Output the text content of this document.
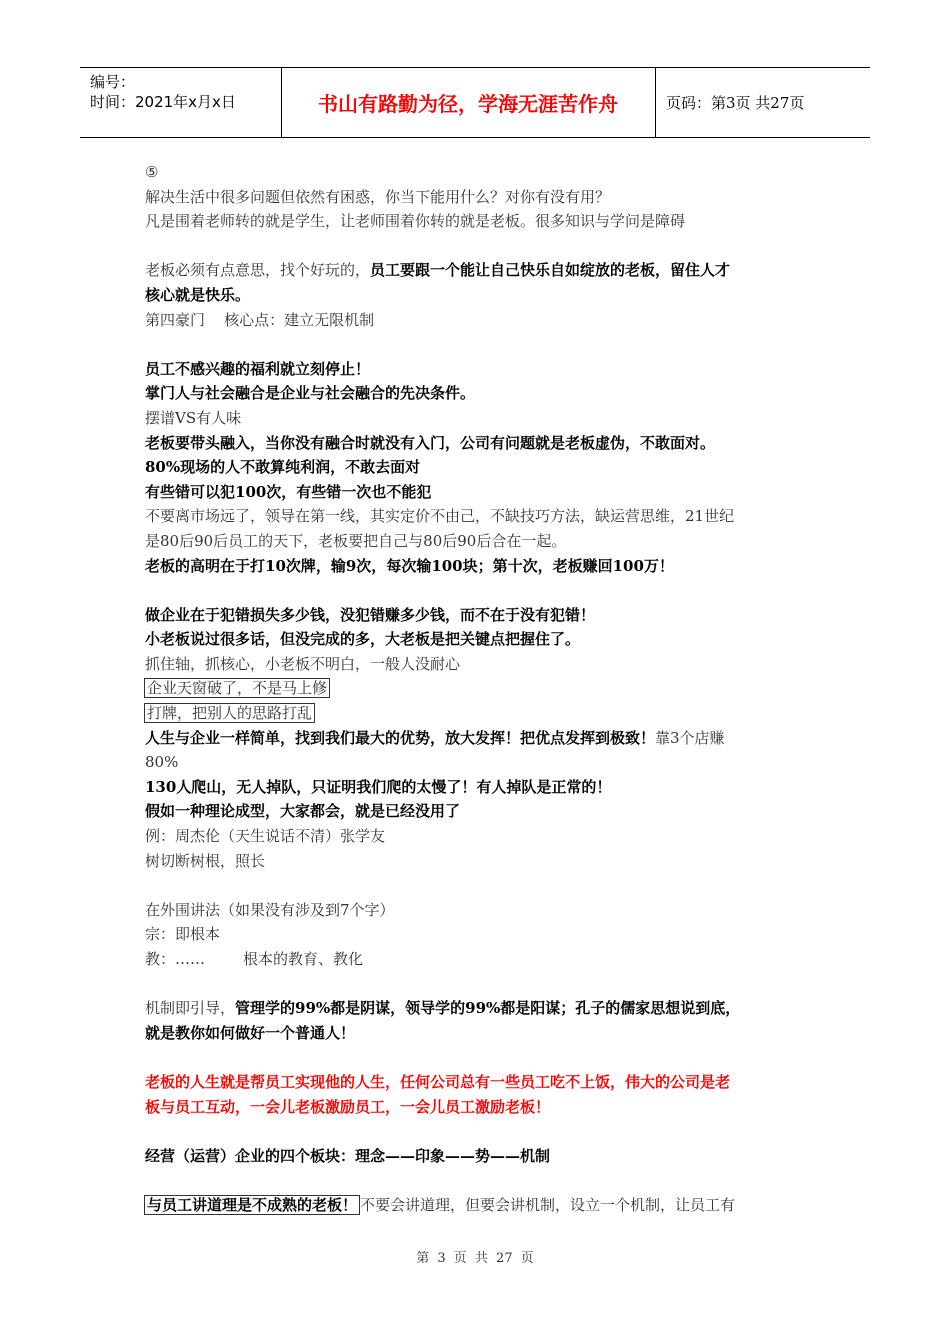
编号：
时间：2021年x月x日	书山有路勤为径，学海无涯苦作舟	页码：第3页 共27页
⑤
解决生活中很多问题但依然有困惑，你当下能用什么？对你有没有用？
凡是围着老师转的就是学生，让老师围着你转的就是老板。很多知识与学问是障碍
老板必须有点意思，找个好玩的，员工要跟一个能让自己快乐自如绽放的老板，留住人才
核心就是快乐。
第四豪门    核心点：建立无限机制
员工不感兴趣的福利就立刻停止！
掌门人与社会融合是企业与社会融合的先决条件。
摆谱VS有人味
老板要带头融入，当你没有融合时就没有入门，公司有问题就是老板虚伪，不敢面对。
80%现场的人不敢算纯利润，不敢去面对
有些错可以犯100次，有些错一次也不能犯
不要离市场远了，领导在第一线，其实定价不由己，不缺技巧方法，缺运营思维，21世纪
是80后90后员工的天下，老板要把自己与80后90后合在一起。
老板的高明在于打10次牌，输9次，每次输100块；第十次，老板赚回100万！
做企业在于犯错损失多少钱，没犯错赚多少钱，而不在于没有犯错！
小老板说过很多话，但没完成的多，大老板是把关键点把握住了。
抓住轴，抓核心，小老板不明白，一般人没耐心
企业天窗破了，不是马上修
打牌，把别人的思路打乱
人生与企业一样简单，找到我们最大的优势，放大发挥！把优点发挥到极致！靠3个店赚
80%
130人爬山，无人掉队，只证明我们爬的太慢了！有人掉队是正常的！
假如一种理论成型，大家都会，就是已经没用了
例：周杰伦（天生说话不清）张学友
树切断树根，照长
在外围讲法（如果没有涉及到7个字）
宗：即根本
教：……	根本的教育、教化
机制即引导，管理学的99%都是阴谋，领导学的99%都是阳谋；孔子的儒家思想说到底，
就是教你如何做好一个普通人！
老板的人生就是帮员工实现他的人生，任何公司总有一些员工吃不上饭，伟大的公司是老
板与员工互动，一会儿老板激励员工，一会儿员工激励老板！
经营（运营）企业的四个板块：理念——印象——势——机制
与员工讲道理是不成熟的老板！ 不要会讲道理，但要会讲机制，设立一个机制，让员工有
第 3 页 共 27 页
